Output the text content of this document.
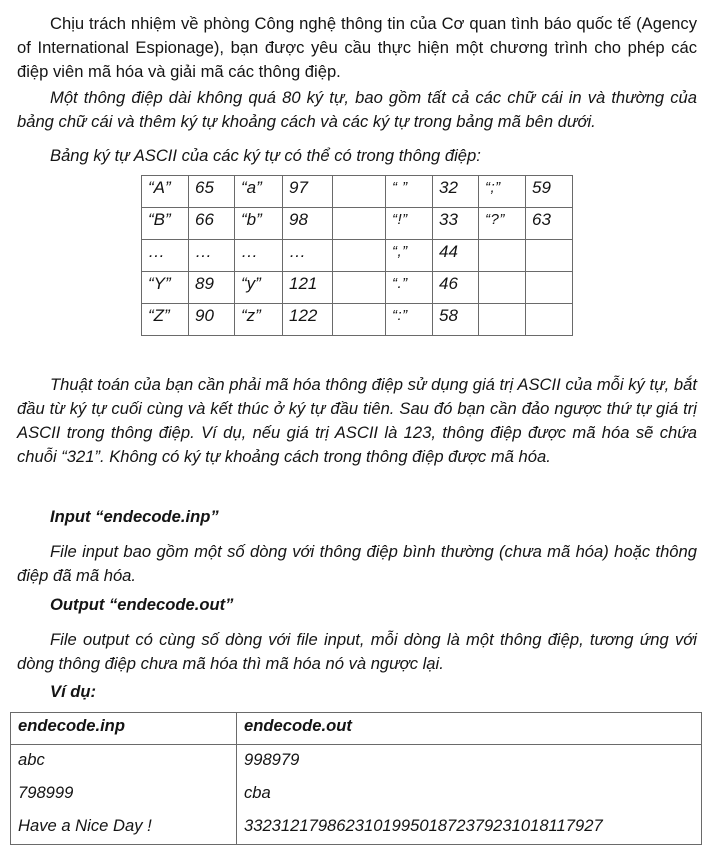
Chịu trách nhiệm về phòng Công nghệ thông tin của Cơ quan tình báo quốc tế (Agency of International Espionage), bạn được yêu cầu thực hiện một chương trình cho phép các điệp viên mã hóa và giải mã các thông điệp.

Một thông điệp dài không quá 80 ký tự, bao gồm tất cả các chữ cái in và thường của bảng chữ cái và thêm ký tự khoảng cách và các ký tự trong bảng mã bên dưới.

Bảng ký tự ASCII của các ký tự có thể có trong thông điệp:

“A”	65	“a”	97		“ ”	32	“;”	59
“B”	66	“b”	98		“!”	33	“?”	63
…	…	…	…		“,”	44		
“Y”	89	“y”	121		“.”	46		
“Z”	90	“z”	122		“:”	58		

Thuật toán của bạn cần phải mã hóa thông điệp sử dụng giá trị ASCII của mỗi ký tự, bắt đầu từ ký tự cuối cùng và kết thúc ở ký tự đầu tiên. Sau đó bạn cần đảo ngược thứ tự giá trị ASCII trong thông điệp. Ví dụ, nếu giá trị ASCII là 123, thông điệp được mã hóa sẽ chứa chuỗi “321”. Không có ký tự khoảng cách trong thông điệp được mã hóa.

Input “endecode.inp”

File input bao gồm một số dòng với thông điệp bình thường (chưa mã hóa) hoặc thông điệp đã mã hóa.

Output “endecode.out”

File output có cùng số dòng với file input, mỗi dòng là một thông điệp, tương ứng với dòng thông điệp chưa mã hóa thì mã hóa nó và ngược lại.

Ví dụ:

endecode.inp	endecode.out
abc	998979
798999	cba
Have a Nice Day !	332312179862310199501872379231018117927
